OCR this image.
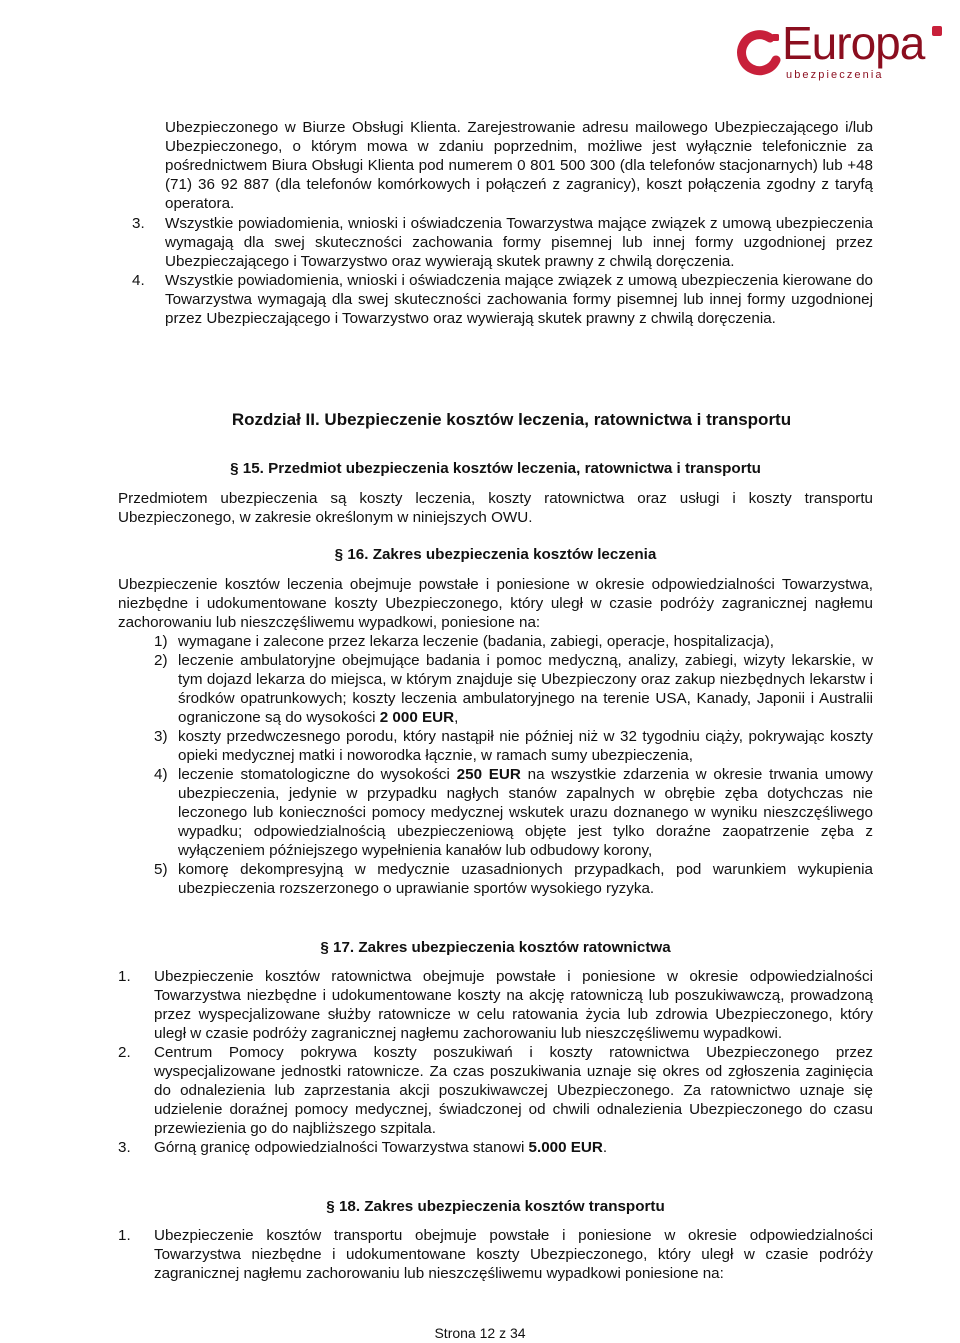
Europa
ubezpieczenia

Ubezpieczonego w Biurze Obsługi Klienta. Zarejestrowanie adresu mailowego Ubezpieczającego i/lub Ubezpieczonego, o którym mowa w zdaniu poprzednim, możliwe jest wyłącznie telefonicznie za pośrednictwem Biura Obsługi Klienta pod numerem 0 801 500 300 (dla telefonów stacjonarnych) lub +48 (71) 36 92 887 (dla telefonów komórkowych i połączeń z zagranicy), koszt połączenia zgodny z taryfą operatora.

3. Wszystkie powiadomienia, wnioski i oświadczenia Towarzystwa mające związek z umową ubezpieczenia wymagają dla swej skuteczności zachowania formy pisemnej lub innej formy uzgodnionej przez Ubezpieczającego i Towarzystwo oraz wywierają skutek prawny z chwilą doręczenia.

4. Wszystkie powiadomienia, wnioski i oświadczenia mające związek z umową ubezpieczenia kierowane do Towarzystwa wymagają dla swej skuteczności zachowania formy pisemnej lub innej formy uzgodnionej przez Ubezpieczającego i Towarzystwo oraz wywierają skutek prawny z chwilą doręczenia.

Rozdział II. Ubezpieczenie kosztów leczenia, ratownictwa i transportu
§ 15. Przedmiot ubezpieczenia kosztów leczenia, ratownictwa i transportu

Przedmiotem ubezpieczenia są koszty leczenia, koszty ratownictwa oraz usługi i koszty transportu Ubezpieczonego, w zakresie określonym w niniejszych OWU.

§ 16. Zakres ubezpieczenia kosztów leczenia

Ubezpieczenie kosztów leczenia obejmuje powstałe i poniesione w okresie odpowiedzialności Towarzystwa, niezbędne i udokumentowane koszty Ubezpieczonego, który uległ w czasie podróży zagranicznej nagłemu zachorowaniu lub nieszczęśliwemu wypadkowi, poniesione na:

1) wymagane i zalecone przez lekarza leczenie (badania, zabiegi, operacje, hospitalizacja),

2) leczenie ambulatoryjne obejmujące badania i pomoc medyczną, analizy, zabiegi, wizyty lekarskie, w tym dojazd lekarza do miejsca, w którym znajduje się Ubezpieczony oraz zakup niezbędnych lekarstw i środków opatrunkowych; koszty leczenia ambulatoryjnego na terenie USA, Kanady, Japonii i Australii ograniczone są do wysokości 2 000 EUR,

3) koszty przedwczesnego porodu, który nastąpił nie później niż w 32 tygodniu ciąży, pokrywając koszty opieki medycznej matki i noworodka łącznie, w ramach sumy ubezpieczenia,

4) leczenie stomatologiczne do wysokości 250 EUR na wszystkie zdarzenia w okresie trwania umowy ubezpieczenia, jedynie w przypadku nagłych stanów zapalnych w obrębie zęba dotychczas nie leczonego lub konieczności pomocy medycznej wskutek urazu doznanego w wyniku nieszczęśliwego wypadku; odpowiedzialnością ubezpieczeniową objęte jest tylko doraźne zaopatrzenie zęba z wyłączeniem późniejszego wypełnienia kanałów lub odbudowy korony,

5) komorę dekompresyjną w medycznie uzasadnionych przypadkach, pod warunkiem wykupienia ubezpieczenia rozszerzonego o uprawianie sportów wysokiego ryzyka.

§ 17. Zakres ubezpieczenia kosztów ratownictwa
1. Ubezpieczenie kosztów ratownictwa obejmuje powstałe i poniesione w okresie odpowiedzialności Towarzystwa niezbędne i udokumentowane koszty na akcję ratowniczą lub poszukiwawczą, prowadzoną przez wyspecjalizowane służby ratownicze w celu ratowania życia lub zdrowia Ubezpieczonego, który uległ w czasie podróży zagranicznej nagłemu zachorowaniu lub nieszczęśliwemu wypadkowi.

2. Centrum Pomocy pokrywa koszty poszukiwań i koszty ratownictwa Ubezpieczonego przez wyspecjalizowane jednostki ratownicze. Za czas poszukiwania uznaje się okres od zgłoszenia zaginięcia do odnalezienia lub zaprzestania akcji poszukiwawczej Ubezpieczonego. Za ratownictwo uznaje się udzielenie doraźnej pomocy medycznej, świadczonej od chwili odnalezienia Ubezpieczonego do czasu przewiezienia go do najbliższego szpitala.

3. Górną granicę odpowiedzialności Towarzystwa stanowi 5.000 EUR.

§ 18. Zakres ubezpieczenia kosztów transportu
1. Ubezpieczenie kosztów transportu obejmuje powstałe i poniesione w okresie odpowiedzialności Towarzystwa niezbędne i udokumentowane koszty Ubezpieczonego, który uległ w czasie podróży zagranicznej nagłemu zachorowaniu lub nieszczęśliwemu wypadkowi poniesione na:

Strona 12 z 34
